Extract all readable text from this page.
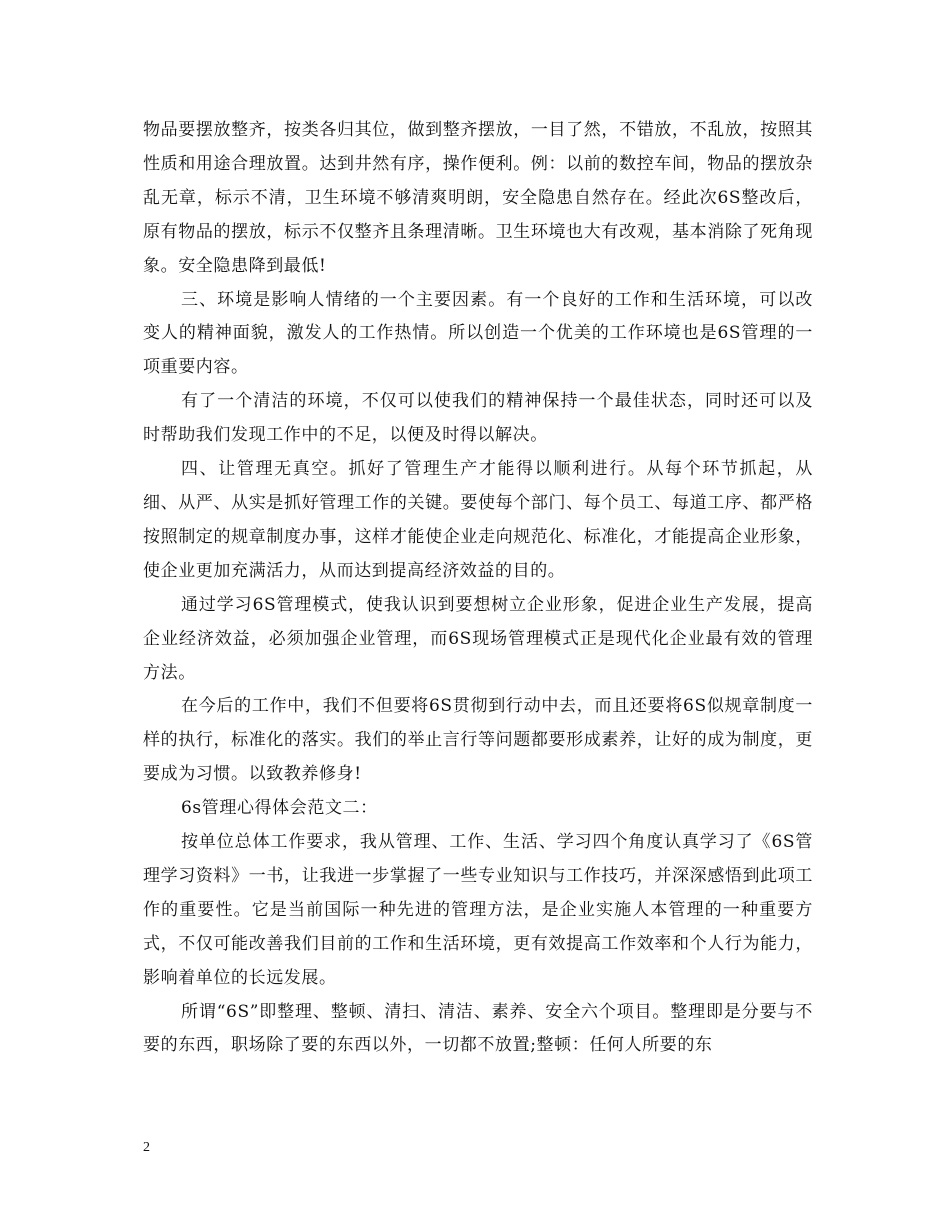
物品要摆放整齐，按类各归其位，做到整齐摆放，一目了然，不错放，不乱放，按照其性质和用途合理放置。达到井然有序，操作便利。例：以前的数控车间，物品的摆放杂乱无章，标示不清，卫生环境不够清爽明朗，安全隐患自然存在。经此次6S整改后，原有物品的摆放，标示不仅整齐且条理清晰。卫生环境也大有改观，基本消除了死角现象。安全隐患降到最低!

三、环境是影响人情绪的一个主要因素。有一个良好的工作和生活环境，可以改变人的精神面貌，激发人的工作热情。所以创造一个优美的工作环境也是6S管理的一项重要内容。

有了一个清洁的环境，不仅可以使我们的精神保持一个最佳状态，同时还可以及时帮助我们发现工作中的不足，以便及时得以解决。

四、让管理无真空。抓好了管理生产才能得以顺利进行。从每个环节抓起，从细、从严、从实是抓好管理工作的关键。要使每个部门、每个员工、每道工序、都严格按照制定的规章制度办事，这样才能使企业走向规范化、标准化，才能提高企业形象，使企业更加充满活力，从而达到提高经济效益的目的。

通过学习6S管理模式，使我认识到要想树立企业形象，促进企业生产发展，提高企业经济效益，必须加强企业管理，而6S现场管理模式正是现代化企业最有效的管理方法。

在今后的工作中，我们不但要将6S贯彻到行动中去，而且还要将6S似规章制度一样的执行，标准化的落实。我们的举止言行等问题都要形成素养，让好的成为制度，更要成为习惯。以致教养修身!

6s管理心得体会范文二：

按单位总体工作要求，我从管理、工作、生活、学习四个角度认真学习了《6S管理学习资料》一书，让我进一步掌握了一些专业知识与工作技巧，并深深感悟到此项工作的重要性。它是当前国际一种先进的管理方法，是企业实施人本管理的一种重要方式，不仅可能改善我们目前的工作和生活环境，更有效提高工作效率和个人行为能力，影响着单位的长远发展。

所谓“6S”即整理、整顿、清扫、清洁、素养、安全六个项目。整理即是分要与不要的东西，职场除了要的东西以外，一切都不放置;整顿：任何人所要的东

2
